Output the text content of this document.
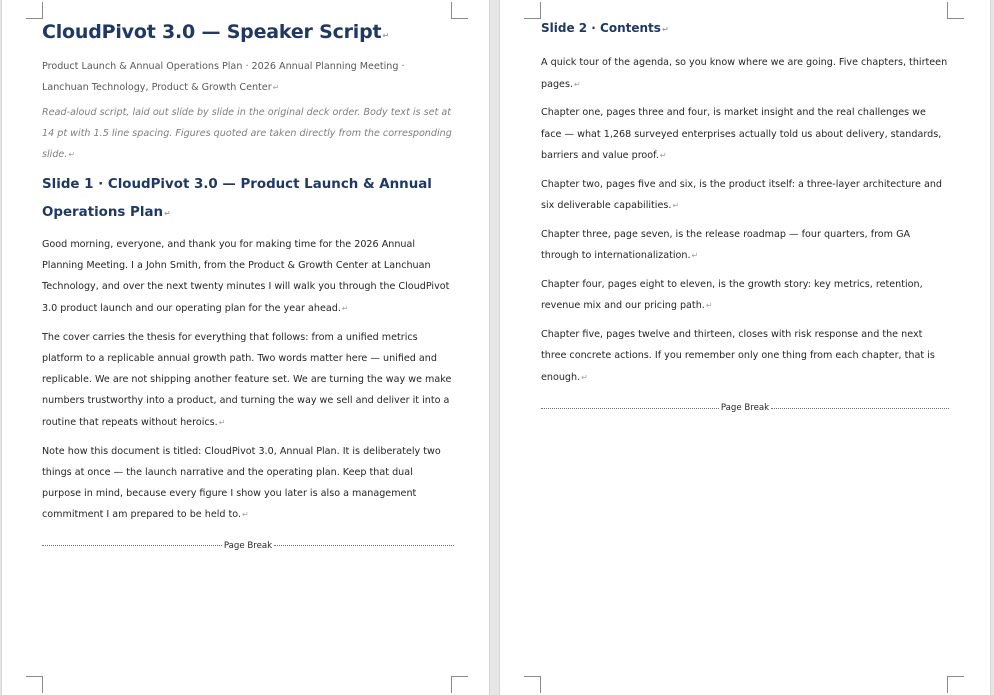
CloudPivot 3.0 — Speaker Script↵

Product Launch & Annual Operations Plan · 2026 Annual Planning Meeting · Lanchuan Technology, Product & Growth Center↵

Read-aloud script, laid out slide by slide in the original deck order. Body text is set at 14 pt with 1.5 line spacing. Figures quoted are taken directly from the corresponding slide.↵

Slide 1 · CloudPivot 3.0 — Product Launch & Annual Operations Plan↵

Good morning, everyone, and thank you for making time for the 2026 Annual Planning Meeting. I a John Smith, from the Product & Growth Center at Lanchuan Technology, and over the next twenty minutes I will walk you through the CloudPivot 3.0 product launch and our operating plan for the year ahead.↵

The cover carries the thesis for everything that follows: from a unified metrics platform to a replicable annual growth path. Two words matter here — unified and replicable. We are not shipping another feature set. We are turning the way we make numbers trustworthy into a product, and turning the way we sell and deliver it into a routine that repeats without heroics.↵

Note how this document is titled: CloudPivot 3.0, Annual Plan. It is deliberately two things at once — the launch narrative and the operating plan. Keep that dual purpose in mind, because every figure I show you later is also a management commitment I am prepared to be held to.↵

Page Break
Slide 2 · Contents↵

A quick tour of the agenda, so you know where we are going. Five chapters, thirteen pages.↵

Chapter one, pages three and four, is market insight and the real challenges we face — what 1,268 surveyed enterprises actually told us about delivery, standards, barriers and value proof.↵

Chapter two, pages five and six, is the product itself: a three-layer architecture and six deliverable capabilities.↵

Chapter three, page seven, is the release roadmap — four quarters, from GA through to internationalization.↵

Chapter four, pages eight to eleven, is the growth story: key metrics, retention, revenue mix and our pricing path.↵

Chapter five, pages twelve and thirteen, closes with risk response and the next three concrete actions. If you remember only one thing from each chapter, that is enough.↵

Page Break
